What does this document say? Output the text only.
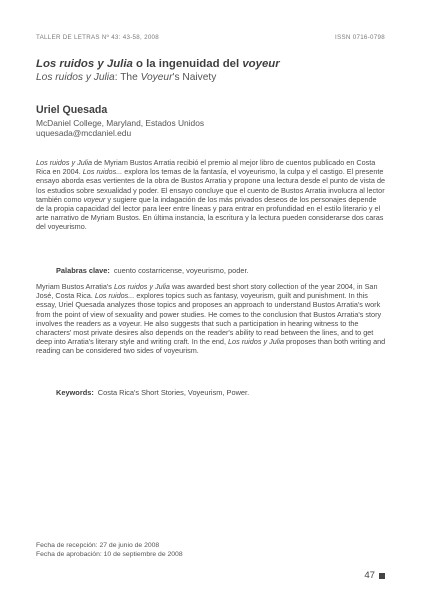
TALLER DE LETRAS Nº 43: 43-58, 2008	ISSN 0716-0798
Los ruidos y Julia o la ingenuidad del voyeur
Los ruidos y Julia: The Voyeur's Naivety
Uriel Quesada
McDaniel College, Maryland, Estados Unidos
uquesada@mcdaniel.edu

Los ruidos y Julia de Myriam Bustos Arratia recibió el premio al mejor libro de cuentos publicado en Costa Rica en 2004. Los ruidos... explora los temas de la fantasía, el voyeurismo, la culpa y el castigo. El presente ensayo aborda esas vertientes de la obra de Bustos Arratia y propone una lectura desde el punto de vista de los estudios sobre sexualidad y poder. El ensayo concluye que el cuento de Bustos Arratia involucra al lector también como voyeur y sugiere que la indagación de los más privados deseos de los personajes depende de la propia capacidad del lector para leer entre líneas y para entrar en profundidad en el estilo literario y el arte narrativo de Myriam Bustos. En última instancia, la escritura y la lectura pueden considerarse dos caras del voyeurismo.

Palabras clave: cuento costarricense, voyeurismo, poder.

Myriam Bustos Arratia's Los ruidos y Julia was awarded best short story collection of the year 2004, in San José, Costa Rica. Los ruidos... explores topics such as fantasy, voyeurism, guilt and punishment. In this essay, Uriel Quesada analyzes those topics and proposes an approach to understand Bustos Arratia's work from the point of view of sexuality and power studies. He comes to the conclusion that Bustos Arratia's story involves the readers as a voyeur. He also suggests that such a participation in hearing witness to the characters' most private desires also depends on the reader's ability to read between the lines, and to get deep into Arratia's literary style and writing craft. In the end, Los ruidos y Julia proposes than both writing and reading can be considered two sides of voyeurism.

Keywords: Costa Rica's Short Stories, Voyeurism, Power.
Fecha de recepción: 27 de junio de 2008
Fecha de aprobación: 10 de septiembre de 2008
47
